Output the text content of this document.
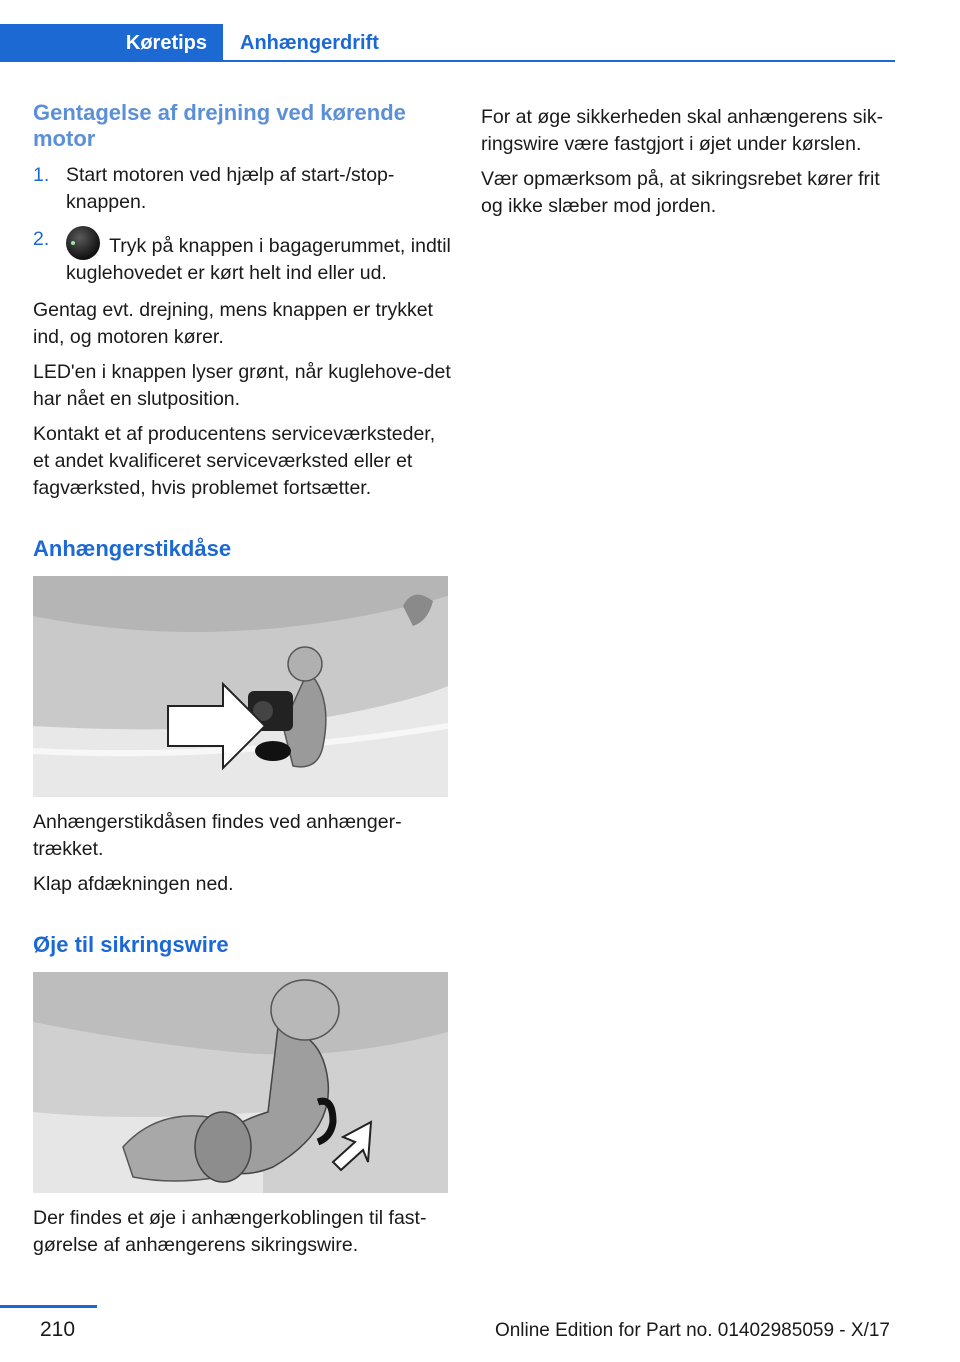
Køretips Anhængerdrift
Gentagelse af drejning ved kørende motor
1. Start motoren ved hjælp af start-/stop-knappen.
2.	Tryk på knappen i bagagerummet, indtil kuglehovedet er kørt helt ind eller ud.

Gentag evt. drejning, mens knappen er trykket ind, og motoren kører.

LED'en i knappen lyser grønt, når kuglehove-det har nået en slutposition.

Kontakt et af producentens serviceværksteder, et andet kvalificeret serviceværksted eller et fagværksted, hvis problemet fortsætter.

Anhængerstikdåse

Anhængerstikdåsen findes ved anhænger-trækket.

Klap afdækningen ned.

Øje til sikringswire

Der findes et øje i anhængerkoblingen til fast-gørelse af anhængerens sikringswire.

For at øge sikkerheden skal anhængerens sik-ringswire være fastgjort i øjet under kørslen.

Vær opmærksom på, at sikringsrebet kører frit og ikke slæber mod jorden.

210	Online Edition for Part no. 01402985059 - X/17
